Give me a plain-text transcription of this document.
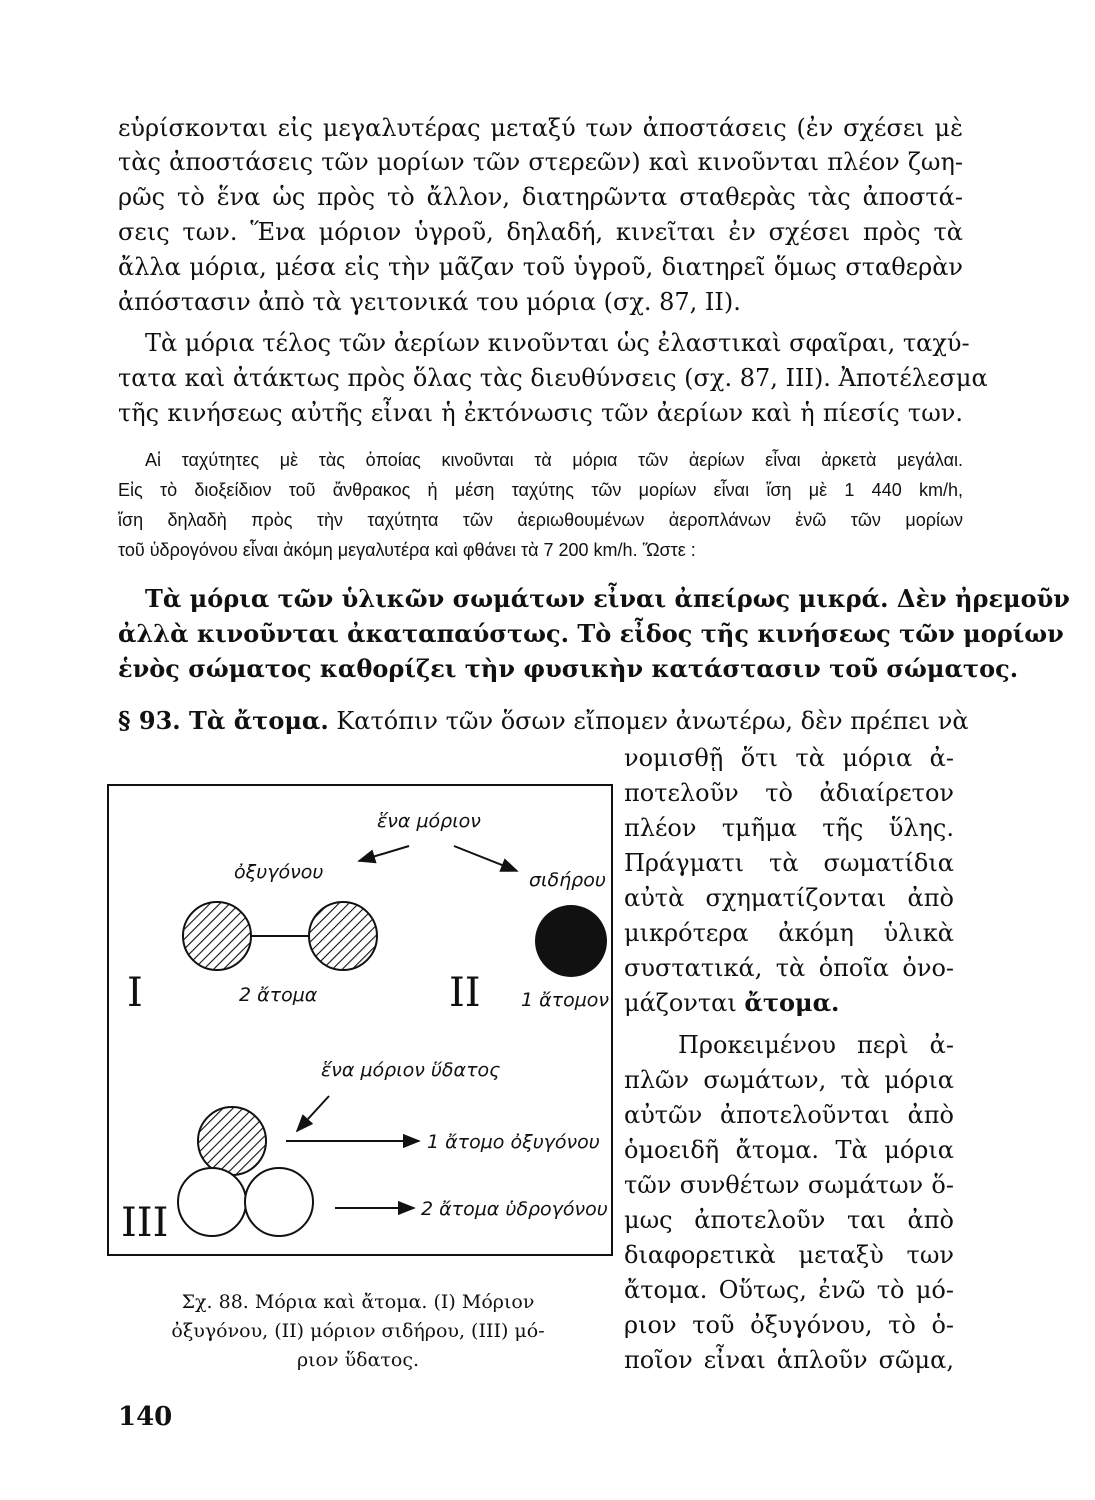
εὑρίσκονται εἰς μεγαλυτέρας μεταξύ των ἀποστάσεις (ἐν σχέσει μὲ
τὰς ἀποστάσεις τῶν μορίων τῶν στερεῶν) καὶ κινοῦνται πλέον ζωη-
ρῶς τὸ ἕνα ὡς πρὸς τὸ ἄλλον, διατηρῶντα σταθερὰς τὰς ἀποστά-
σεις των. Ἕνα μόριον ὑγροῦ, δηλαδή, κινεῖται ἐν σχέσει πρὸς τὰ
ἄλλα μόρια, μέσα εἰς τὴν μᾶζαν τοῦ ὑγροῦ, διατηρεῖ ὅμως σταθερὰν
ἀπόστασιν ἀπὸ τὰ γειτονικά του μόρια (σχ. 87, II).
Τὰ μόρια τέλος τῶν ἀερίων κινοῦνται ὡς ἐλαστικαὶ σφαῖραι, ταχύ-
τατα καὶ ἀτάκτως πρὸς ὅλας τὰς διευθύνσεις (σχ. 87, III). Ἀποτέλεσμα
τῆς κινήσεως αὐτῆς εἶναι ἡ ἐκτόνωσις τῶν ἀερίων καὶ ἡ πίεσίς των.
Αἱ ταχύτητες μὲ τὰς ὁποίας κινοῦνται τὰ μόρια τῶν ἀερίων εἶναι ἀρκετὰ μεγάλαι.
Εἰς τὸ διοξείδιον τοῦ ἄνθρακος ἡ μέση ταχύτης τῶν μορίων εἶναι ἴση μὲ 1 440 km/h,
ἴση δηλαδὴ πρὸς τὴν ταχύτητα τῶν ἀεριωθουμένων ἀεροπλάνων ἐνῶ τῶν μορίων
τοῦ ὑδρογόνου εἶναι ἀκόμη μεγαλυτέρα καὶ φθάνει τὰ 7 200 km/h. Ὥστε :
Τὰ μόρια τῶν ὑλικῶν σωμάτων εἶναι ἀπείρως μικρά. Δὲν ἠρεμοῦν
ἀλλὰ κινοῦνται ἀκαταπαύστως. Τὸ εἶδος τῆς κινήσεως τῶν μορίων
ἑνὸς σώματος καθορίζει τὴν φυσικὴν κατάστασιν τοῦ σώματος.
§ 93. Τὰ ἄτομα. Κατόπιν τῶν ὅσων εἴπομεν ἀνωτέρω, δὲν πρέπει νὰ
νομισθῇ ὅτι τὰ μόρια ἀ-
ποτελοῦν τὸ ἀδιαίρετον
πλέον τμῆμα τῆς ὕλης.
Πράγματι τὰ σωματίδια
αὐτὰ σχηματίζονται ἀπὸ
μικρότερα ἀκόμη ὑλικὰ
συστατικά, τὰ ὁποῖα ὀνο-
μάζονται ἄτομα.
Προκειμένου περὶ ἀ-
πλῶν σωμάτων, τὰ μόρια
αὐτῶν ἀποτελοῦνται ἀπὸ
ὁμοειδῆ ἄτομα. Τὰ μόρια
τῶν συνθέτων σωμάτων ὅ-
μως ἀποτελοῦν ται ἀπὸ
διαφορετικὰ μεταξὺ των
ἄτομα. Οὕτως, ἐνῶ τὸ μό-
ριον τοῦ ὀξυγόνου, τὸ ὁ-
ποῖον εἶναι ἁπλοῦν σῶμα,
ἕνα μόριον
ὀξυγόνου	σιδήρου
I	2 ἄτομα	II 1 ἄτομον
ἕνα μόριον ὕδατος
1 ἄτομο ὀξυγόνου
2 ἄτομα ὑδρογόνου
III
Σχ. 88. Μόρια καὶ ἄτομα. (Ι) Μόριον
ὀξυγόνου, (ΙΙ) μόριον σιδήρου, (ΙΙΙ) μό-
ριον ὕδατος.
140
